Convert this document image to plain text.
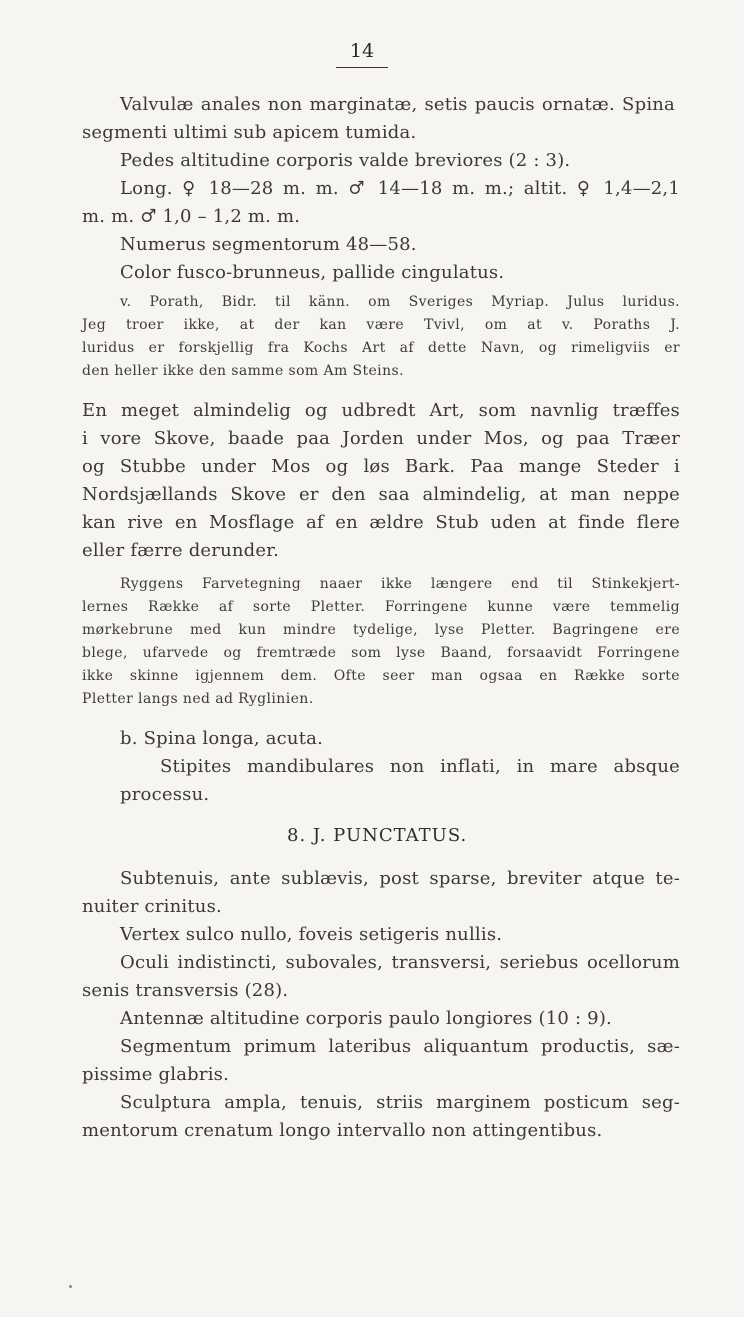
14
Valvulæ anales non marginatæ, setis paucis ornatæ. Spina
segmenti ultimi sub apicem tumida.
Pedes altitudine corporis valde breviores (2 : 3).
Long. ♀ 18—28 m. m. ♂ 14—18 m. m.; altit. ♀ 1,4—2,1
m. m. ♂ 1,0 – 1,2 m. m.
Numerus segmentorum 48—58.
Color fusco-brunneus, pallide cingulatus.
v. Porath, Bidr. til känn. om Sveriges Myriap. Julus luridus.
Jeg troer ikke, at der kan være Tvivl, om at v. Poraths J.
luridus er forskjellig fra Kochs Art af dette Navn, og rimeligviis er
den heller ikke den samme som Am Steins.
En meget almindelig og udbredt Art, som navnlig træffes
i vore Skove, baade paa Jorden under Mos, og paa Træer
og Stubbe under Mos og løs Bark. Paa mange Steder i
Nordsjællands Skove er den saa almindelig, at man neppe
kan rive en Mosflage af en ældre Stub uden at finde flere
eller færre derunder.
Ryggens Farvetegning naaer ikke længere end til Stinkekjert-
lernes Række af sorte Pletter. Forringene kunne være temmelig
mørkebrune med kun mindre tydelige, lyse Pletter. Bagringene ere
blege, ufarvede og fremtræde som lyse Baand, forsaavidt Forringene
ikke skinne igjennem dem. Ofte seer man ogsaa en Række sorte
Pletter langs ned ad Ryglinien.
b. Spina longa, acuta.
Stipites mandibulares non inflati, in mare absque
processu.
8. J. PUNCTATUS.
Subtenuis, ante sublævis, post sparse, breviter atque te-
nuiter crinitus.
Vertex sulco nullo, foveis setigeris nullis.
Oculi indistincti, subovales, transversi, seriebus ocellorum
senis transversis (28).
Antennæ altitudine corporis paulo longiores (10 : 9).
Segmentum primum lateribus aliquantum productis, sæ-
pissime glabris.
Sculptura ampla, tenuis, striis marginem posticum seg-
mentorum crenatum longo intervallo non attingentibus.
